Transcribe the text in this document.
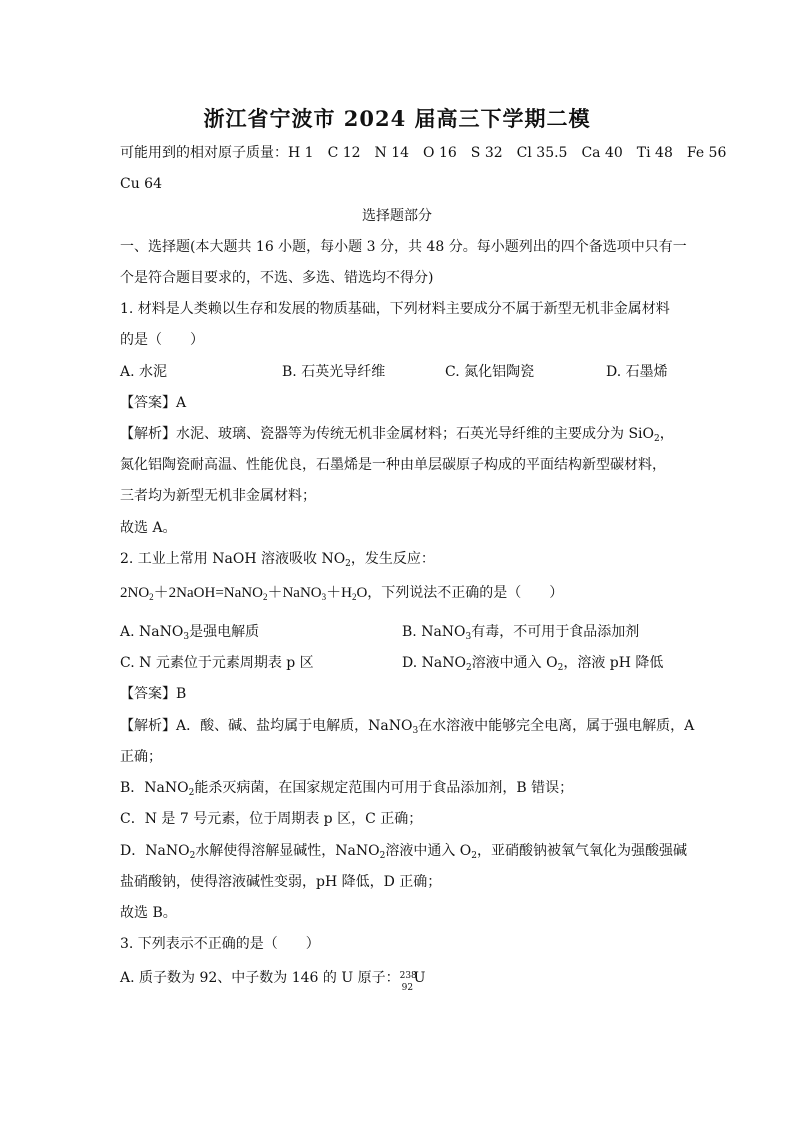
浙江省宁波市 2024 届高三下学期二模
可能用到的相对原子质量：H 1　C 12　N 14　O 16　S 32　Cl 35.5　Ca 40　Ti 48　Fe 56
Cu 64
选择题部分
一、选择题(本大题共 16 小题，每小题 3 分，共 48 分。每小题列出的四个备选项中只有一
个是符合题目要求的，不选、多选、错选均不得分)
1. 材料是人类赖以生存和发展的物质基础，下列材料主要成分不属于新型无机非金属材料
的是（　　）
A. 水泥	B. 石英光导纤维	C. 氮化铝陶瓷	D. 石墨烯
【答案】A
【解析】水泥、玻璃、瓷器等为传统无机非金属材料；石英光导纤维的主要成分为 SiO$_2$，
氮化铝陶瓷耐高温、性能优良，石墨烯是一种由单层碳原子构成的平面结构新型碳材料，
三者均为新型无机非金属材料；
故选 A。
2. 工业上常用 NaOH 溶液吸收 $NO_2$，发生反应：
$2NO_2+2NaOH=NaNO_2+NaNO_3+H_2O$，下列说法不正确的是（　　）
A. NaNO$_3$是强电解质	B. NaNO$_3$有毒，不可用于食品添加剂
C. N 元素位于元素周期表 p 区	D. NaNO$_2$溶液中通入 $O_2$，溶液 pH 降低
【答案】B
【解析】A．酸、碱、盐均属于电解质，NaNO$_3$在水溶液中能够完全电离，属于强电解质，A
正确；
B．NaNO$_2$能杀灭病菌，在国家规定范围内可用于食品添加剂，B 错误；
C．N 是 7 号元素，位于周期表 p 区，C 正确；
D．NaNO$_2$水解使得溶解显碱性，NaNO$_2$溶液中通入 $O_2$，亚硝酸钠被氧气氧化为强酸强碱
盐硝酸钠，使得溶液碱性变弱，pH 降低，D 正确；
故选 B。
3. 下列表示不正确的是（　　）
A. 质子数为 92、中子数为 146 的 U 原子： 238
92
U
